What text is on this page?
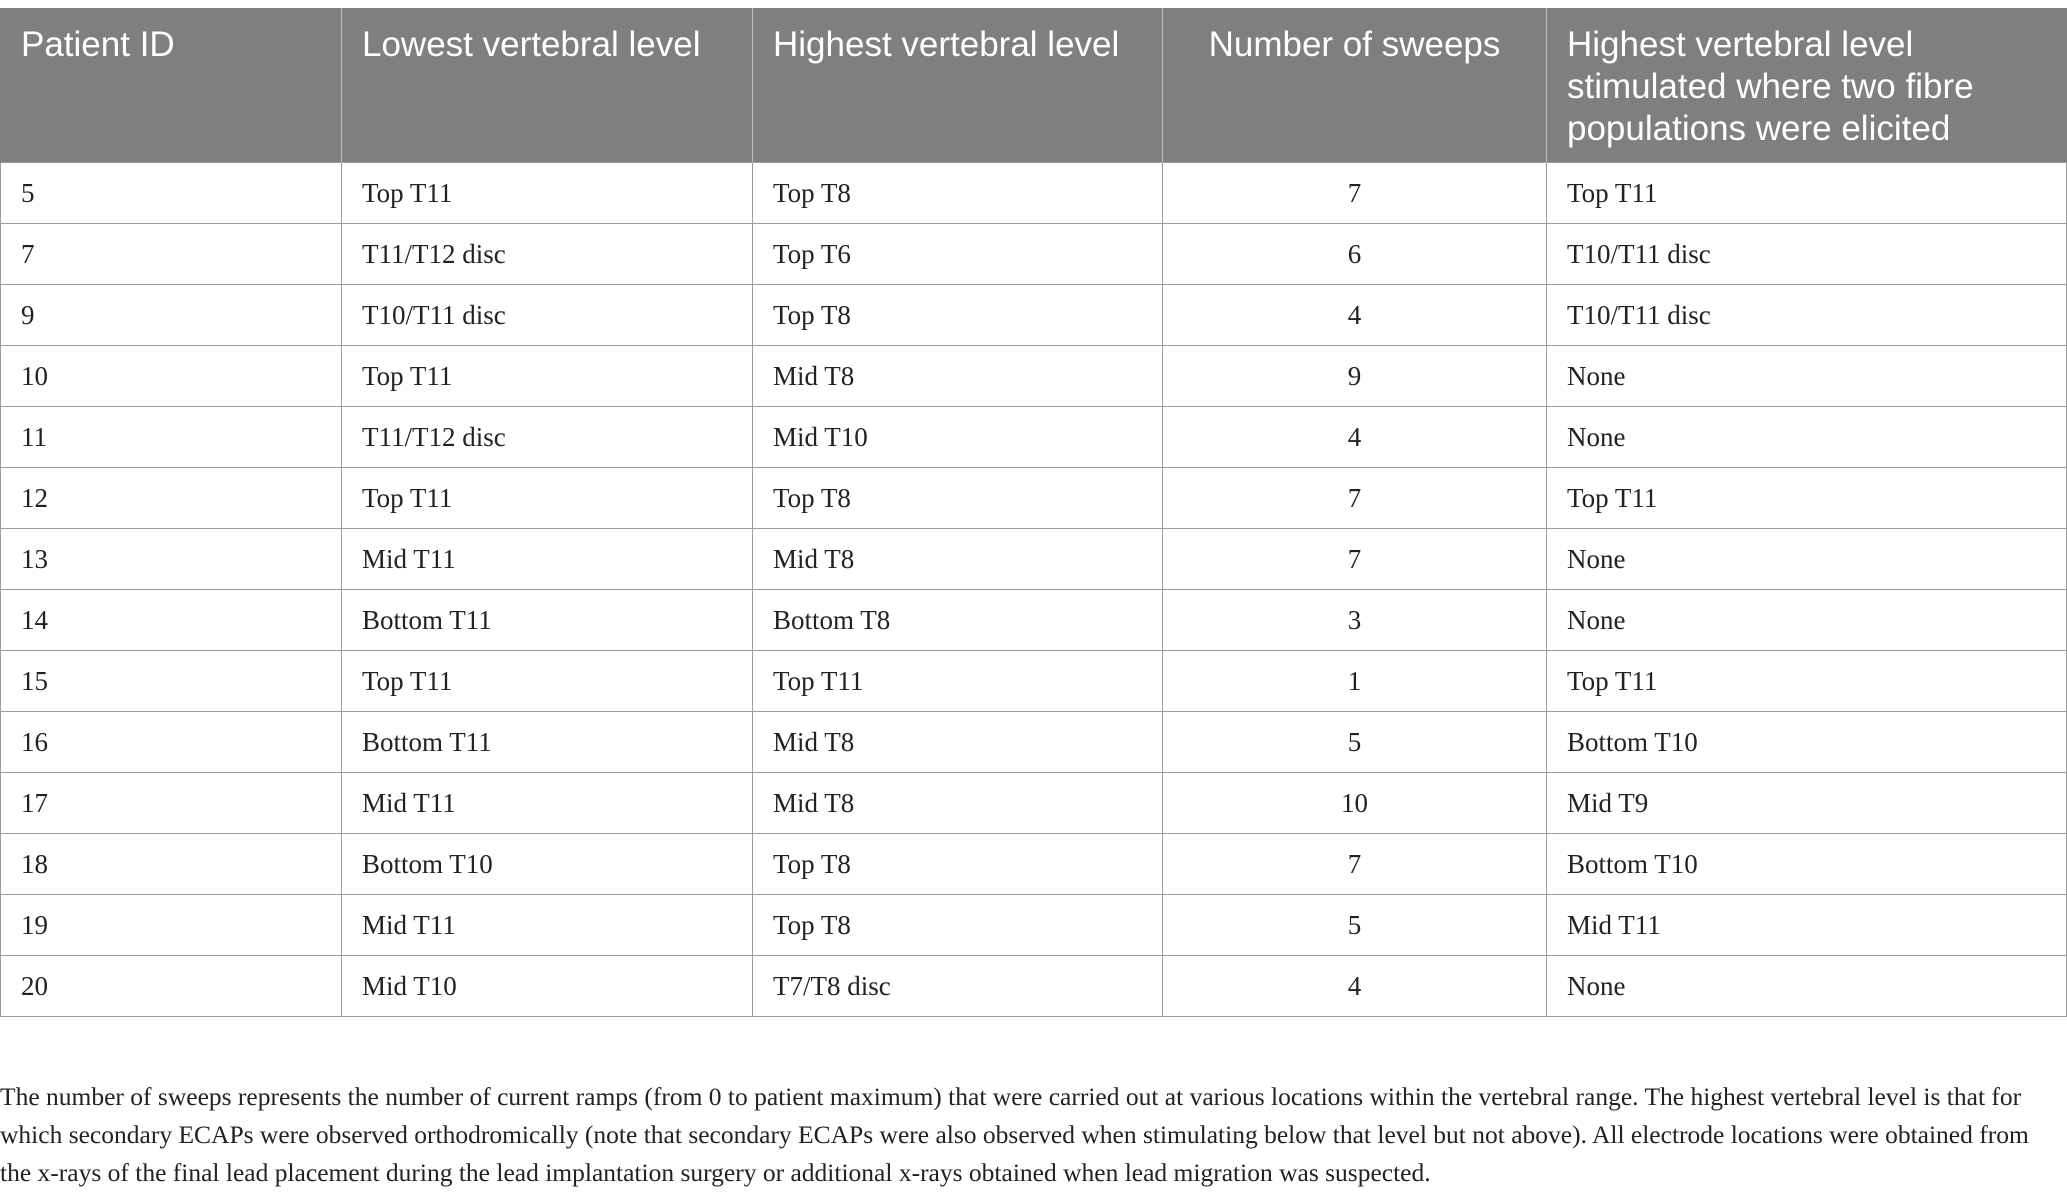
Patient ID	Lowest vertebral level	Highest vertebral level	Number of sweeps	Highest vertebral level stimulated where two fibre populations were elicited
5	Top T11	Top T8	7	Top T11
7	T11/T12 disc	Top T6	6	T10/T11 disc
9	T10/T11 disc	Top T8	4	T10/T11 disc
10	Top T11	Mid T8	9	None
11	T11/T12 disc	Mid T10	4	None
12	Top T11	Top T8	7	Top T11
13	Mid T11	Mid T8	7	None
14	Bottom T11	Bottom T8	3	None
15	Top T11	Top T11	1	Top T11
16	Bottom T11	Mid T8	5	Bottom T10
17	Mid T11	Mid T8	10	Mid T9
18	Bottom T10	Top T8	7	Bottom T10
19	Mid T11	Top T8	5	Mid T11
20	Mid T10	T7/T8 disc	4	None

The number of sweeps represents the number of current ramps (from 0 to patient maximum) that were carried out at various locations within the vertebral range. The highest vertebral level is that for which secondary ECAPs were observed orthodromically (note that secondary ECAPs were also observed when stimulating below that level but not above). All electrode locations were obtained from the x-rays of the final lead placement during the lead implantation surgery or additional x-rays obtained when lead migration was suspected.
